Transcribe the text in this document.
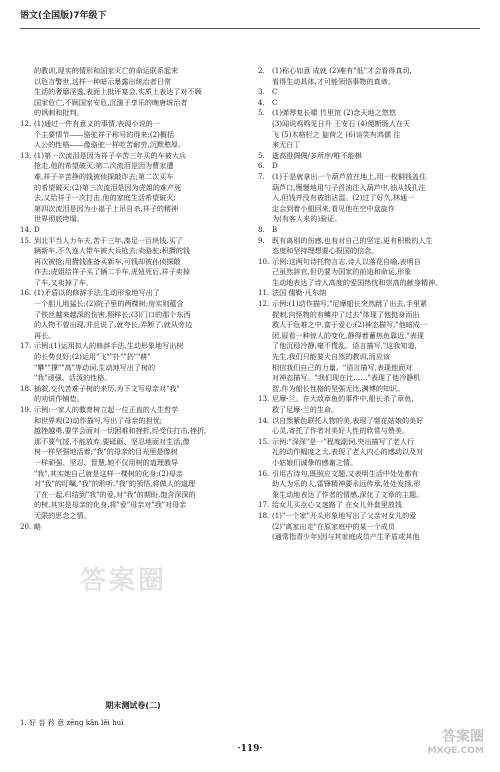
语文(全国版)7年级下
的教训,现实的情形和国家灭亡的命运联系起来
以危言警世,这样一种暗示暴露出统治者日常
生活的奢靡淫逸,表面上批评宴会,实质上表达了对不顾
国家危亡,不顾国家安危,沉湎于享乐的晚唐统治者
的讽刺和批判。
12. (1)通过一件有意义的事情,表现小说的一
个主要情节——骆驼祥子称号的得来;(2)概括
人公的性格——像骆驼一样吃苦耐劳,沉默憨厚。
13. (1)第一次流泪是因为祥子辛苦三年买的车被大兵
抢走,他的希望破灭;第二次流泪是因为曹家遭
难,祥子辛苦挣的钱被侦探敲诈去;第二次买车
的希望破灭;(2)第三次流泪是因为虎姐的难产死
去,又给祥子一次打击,他的家庭生活希望破灭;
第四次流泪是因为小福子上吊自杀,祥子的精神
世界彻底垮塌。
14. D
15. 到北平当人力车夫,苦干三年,凑足一百块钱,买了
辆新车,不久连人带车被大兵抢去;卖骆驼;积攒的钱
再次被抢;用攒钱准备买新车,可钱却被孙侦探敲
诈去;虎姐给祥子买了辆二手车,虎妞死后,祥子卖掉
了车,又卖掉了车。
16. (1)矛盾以的修辞手法,生动形象地写出了
一个胆儿地猛长;(2)院子里的两棵树;房实则蕴含
了铁丝越来越深的伤害,照样长;(3)门口的那个东西
的人物不曾出现,并且说了,就夸长;弄断了,就从旁边
再长。
17. 示例:(1)运用拟人的修辞手法,生动形象地写出树
的长势良好;(2)运用"飞""扑""扔""耕"
"攀""撑""高"等动词,生动地写出了树的
"我"顽强、活泼的性格。
18. 插叙,交代苦难子树的来历,为下文写母亲对"我"
的劝说作铺垫。
19. 示例:一家人的教育树立起一位正直的人生哲学
和世界观(2)动作描写,写出了母亲的担忧;
越挫越勇,要学会面对一切困难和挫折,经受住打击,挫折,
那不要气馁,不能放弃,要砥砺、坚忍地面对生活,像
树一样坚强地活着;"我"的母亲的目光里是像树
一样顽强、坚忍、智慧,她不仅用树的道理教导
"我",其实她自己就是这样一棵树的化身;(2)母亲
对"我"的叮嘱,"我"的聆听,"我"的领悟,将做人的道理
了在一起,归结到"我"的爱,对"我"的期盼,饱含深深的
的树,其实是母亲的化身,将"爱"母亲对"我"对母亲
无限的思念之情。
20. 略
2. (1)称心如意 成就 (2)唯有"低"才会看得真切,
看得生动具体,才可能领悟事物的真谛。
3. C
4. C
5. (1)弹琴复长啸 竹里馆 (2)念天地之悠悠
(3)闻说鸡鸣见日升 王安石 (4)便断肠人在天
飞 (5)木格栏之 旋荷之 (6)谈笑有鸿儒 往
来无白丁
5. 逝高澄倜倜/多所序/唯不能棋
6. D
7. (1)于是就拿出一个葫芦放在地上,用一枚铜钱盖住
葫芦口,慢慢地用勺子舀油注入葫芦中,油从钱孔注
入,但钱并没有被油沾湿。(2)过了好久,林通一
定会到着小船回来,看见他在空中盘旋作
为(有客人来的)验证。
8. B
9. 既有离别的伤感,也有对自己的坚定,更有积极的人生
态度和坚持理想要心报国的信念。
10. 示例:这两句诗托物言志,诗人以落花自喻,表明自
己虽然辞官,但仍要为国家的前途和命运,形象
生动地表达了诗人高度的爱国热忱和崇高的献身精神。
11. 法国 儒勒·凡尔纳
12. 示例:(1)动作描写,"尼摩船长突然跳了出去,手里紧
握刺,向怪物的有鳞冲了过去"体现了他挺身而出
救人于危难之中,富于爱心;(2)神态描写,"他暗成一
团,眉看一种惊人的变化,静得着蓄热鱼靠近,"表现
了他沉稳冷静,毫不慌乱。语言描写,"这我知道,
先生,我们只能要大自然的教训,而应该
相信我们自己的力量。"语言描写,表现他面对
对神态描写。"我们现在比……"表现了他冷静机
智,作为船长性格的坚强无比,渊博的知识。
13. 尼摩·兰。在大敌章鱼的事件中,船长杀了章鱼,
救了尼摩·兰的生命。
14. 以自然紫色联托人物的美,表现了婴花姑娘的美好
心灵,寄托了作者对美好人性的欣赏与赞美。
15. 示例:"深深"是一"程度副词,突出描写了老人行
礼的动作幅度之大,表现了老人内心的感动以及对
小姑娘们诚挚的感谢之情。
16. 引用古诗句,既照应文题,又表明生活中处处都有
助人为乐的人,雷锋精神要永远传承,处处发扬,形
象生动地表达了作者的情感,深化了文章的主题。
17. 给女儿买点心又迷路了 在女儿外套里放钱
18. (1)"一个家"开头形象地写出了父亲对女儿的爱
(2)"离家出走"在原家庭中的某一个成员
(通常指青少年)因与其家庭成员产生矛盾或其他
期末测试卷(二)
1. 好 沓 矜 意 zēng kǎn lěi huì
·119·
答案圈
答案圈
MXQE.COM
